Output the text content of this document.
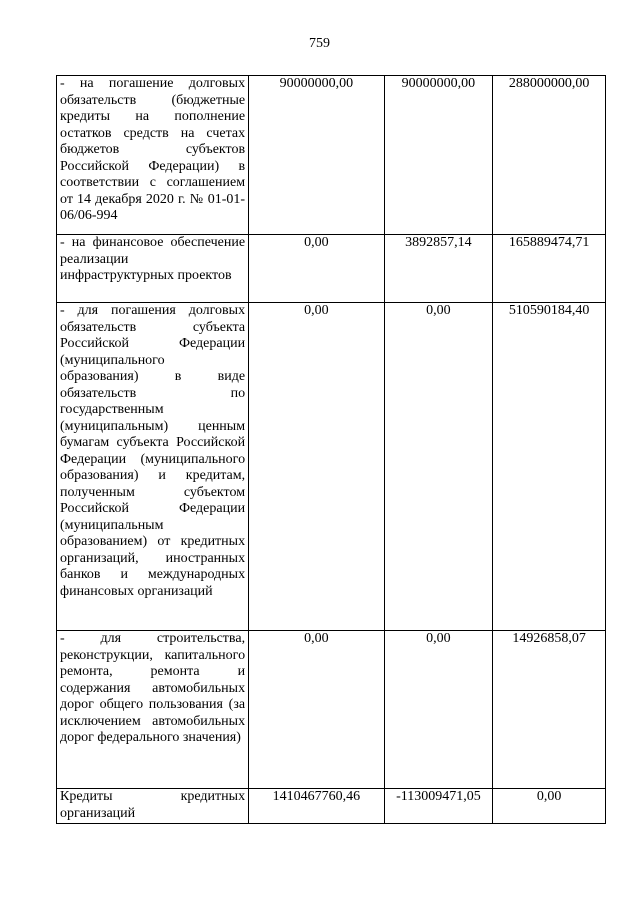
759
- на погашение долговых обязательств (бюджетные кредиты на пополнение остатков средств на счетах бюджетов субъектов Российской Федерации) в соответствии с соглашением от 14 декабря 2020 г. № 01-01-06/06-994	90000000,00	90000000,00	288000000,00
- на финансовое обеспечение реализации инфраструктурных проектов	0,00	3892857,14	165889474,71
- для погашения долговых обязательств субъекта Российской Федерации (муниципального образования) в виде обязательств по государственным (муниципальным) ценным бумагам субъекта Российской Федерации (муниципального образования) и кредитам, полученным субъектом Российской Федерации (муниципальным образованием) от кредитных организаций, иностранных банков и международных финансовых организаций	0,00	0,00	510590184,40
- для строительства, реконструкции, капитального ремонта, ремонта и содержания автомобильных дорог общего пользования (за исключением автомобильных дорог федерального значения)	0,00	0,00	14926858,07
Кредиты кредитных организаций	1410467760,46	-113009471,05	0,00
